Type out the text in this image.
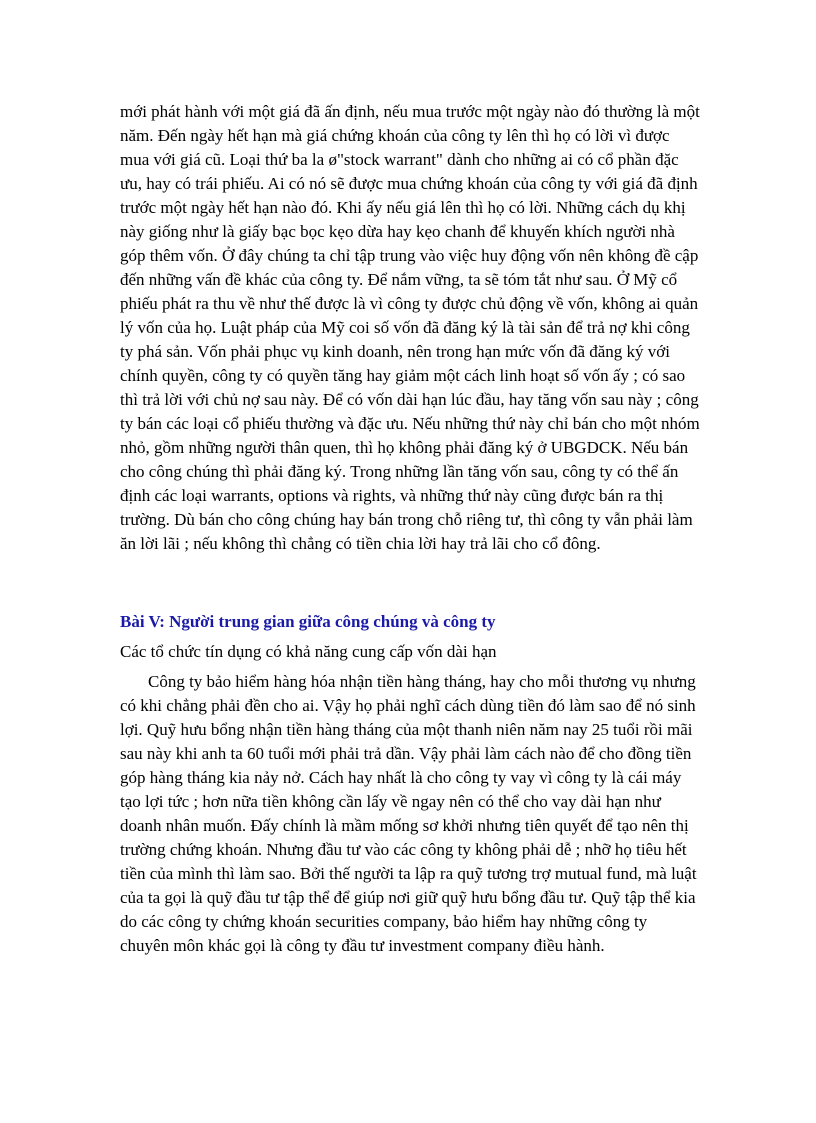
mới phát hành với một giá đã ấn định, nếu mua trước một ngày nào đó thường là một năm. Đến ngày hết hạn mà giá chứng khoán của công ty lên thì họ có lời vì được mua với giá cũ. Loại thứ ba la ø"stock warrant" dành cho những ai có cổ phần đặc ưu, hay có trái phiếu. Ai có nó sẽ được mua chứng khoán của công ty với giá đã định trước một ngày hết hạn nào đó. Khi ấy nếu giá lên thì họ có lời. Những cách dụ khị này giống như là giấy bạc bọc kẹo dừa hay kẹo chanh để khuyến khích người nhà góp thêm vốn. Ở đây chúng ta chỉ tập trung vào việc huy động vốn nên không đề cập đến những vấn đề khác của công ty. Để nắm vững, ta sẽ tóm tắt như sau. Ở Mỹ cổ phiếu phát ra thu về như thế được là vì công ty được chủ động về vốn, không ai quản lý vốn của họ. Luật pháp của Mỹ coi số vốn đã đăng ký là tài sản để trả nợ khi công ty phá sản. Vốn phải phục vụ kinh doanh, nên trong hạn mức vốn đã đăng ký với chính quyền, công ty có quyền tăng hay giảm một cách linh hoạt số vốn ấy ; có sao thì trả lời với chủ nợ sau này. Để có vốn dài hạn lúc đầu, hay tăng vốn sau này ; công ty bán các loại cổ phiếu thường và đặc ưu. Nếu những thứ này chỉ bán cho một nhóm nhỏ, gồm những người thân quen, thì họ không phải đăng ký ở UBGDCK. Nếu bán cho công chúng thì phải đăng ký. Trong những lần tăng vốn sau, công ty có thể ấn định các loại warrants, options và rights, và những thứ này cũng được bán ra thị trường. Dù bán cho công chúng hay bán trong chỗ riêng tư, thì công ty vẫn phải làm ăn lời lãi ; nếu không thì chẳng có tiền chia lời hay trả lãi cho cổ đông.

Bài V: Người trung gian giữa công chúng và công ty

Các tổ chức tín dụng có khả năng cung cấp vốn dài hạn

Công ty bảo hiểm hàng hóa nhận tiền hàng tháng, hay cho mỗi thương vụ nhưng có khi chẳng phải đền cho ai. Vậy họ phải nghĩ cách dùng tiền đó làm sao để nó sinh lợi. Quỹ hưu bổng nhận tiền hàng tháng của một thanh niên năm nay 25 tuổi rồi mãi sau này khi anh ta 60 tuổi mới phải trả dần. Vậy phải làm cách nào để cho đồng tiền góp hàng tháng kia nảy nở. Cách hay nhất là cho công ty vay vì công ty là cái máy tạo lợi tức ; hơn nữa tiền không cần lấy về ngay nên có thể cho vay dài hạn như doanh nhân muốn. Đấy chính là mầm mống sơ khởi nhưng tiên quyết để tạo nên thị trường chứng khoán. Nhưng đầu tư vào các công ty không phải dễ ; nhỡ họ tiêu hết tiền của mình thì làm sao. Bởi thế người ta lập ra quỹ tương trợ mutual fund, mà luật của ta gọi là quỹ đầu tư tập thể để giúp nơi giữ quỹ hưu bổng đầu tư. Quỹ tập thể kia do các công ty chứng khoán securities company, bảo hiểm hay những công ty chuyên môn khác gọi là công ty đầu tư investment company điều hành.
